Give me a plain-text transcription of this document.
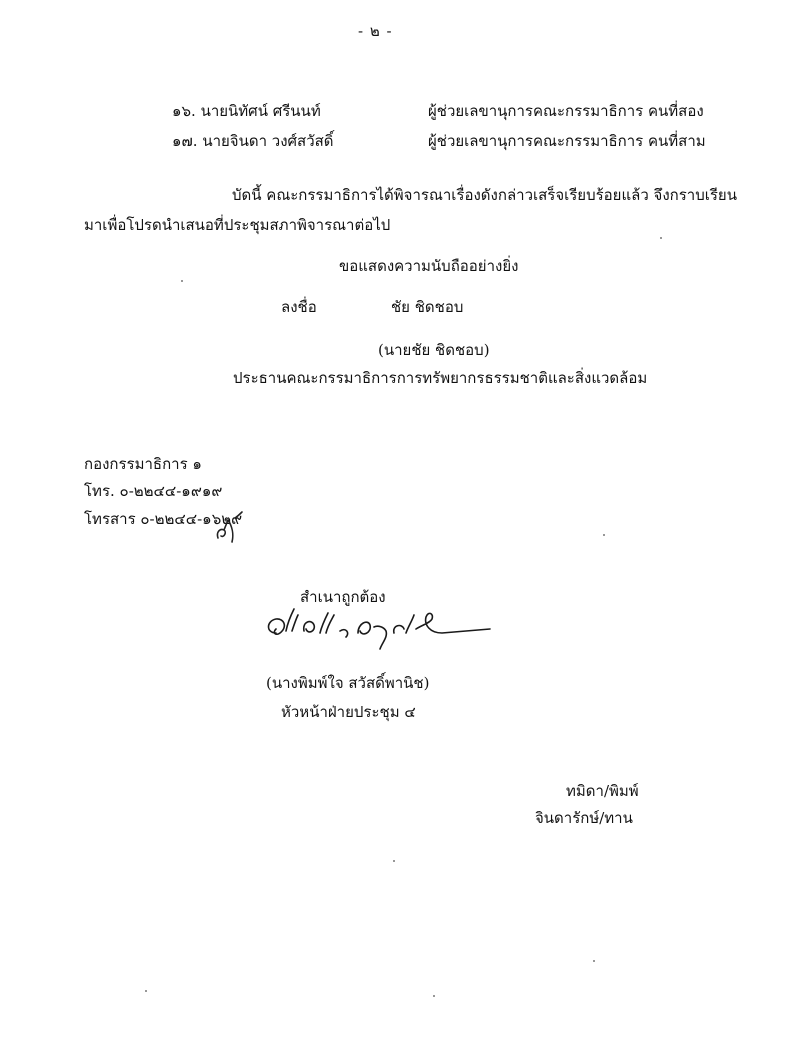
- ๒ -
๑๖. นายนิทัศน์ ศรีนนท์	ผู้ช่วยเลขานุการคณะกรรมาธิการ คนที่สอง
๑๗. นายจินดา วงศ์สวัสดิ์	ผู้ช่วยเลขานุการคณะกรรมาธิการ คนที่สาม
บัดนี้ คณะกรรมาธิการได้พิจารณาเรื่องดังกล่าวเสร็จเรียบร้อยแล้ว จึงกราบเรียน
มาเพื่อโปรดนำเสนอที่ประชุมสภาพิจารณาต่อไป
ขอแสดงความนับถืออย่างยิ่ง
ลงชื่อ	ชัย ชิดชอบ
(นายชัย ชิดชอบ)
ประธานคณะกรรมาธิการการทรัพยากรธรรมชาติและสิ่งแวดล้อม
กองกรรมาธิการ ๑
โทร. ๐-๒๒๔๔-๑๙๑๙
โทรสาร ๐-๒๒๔๔-๑๖๒๙
สำเนาถูกต้อง
(นางพิมพ์ใจ สวัสดิ์พานิช)
หัวหน้าฝ่ายประชุม ๔
ทมิดา/พิมพ์
จินดารักษ์/ทาน
